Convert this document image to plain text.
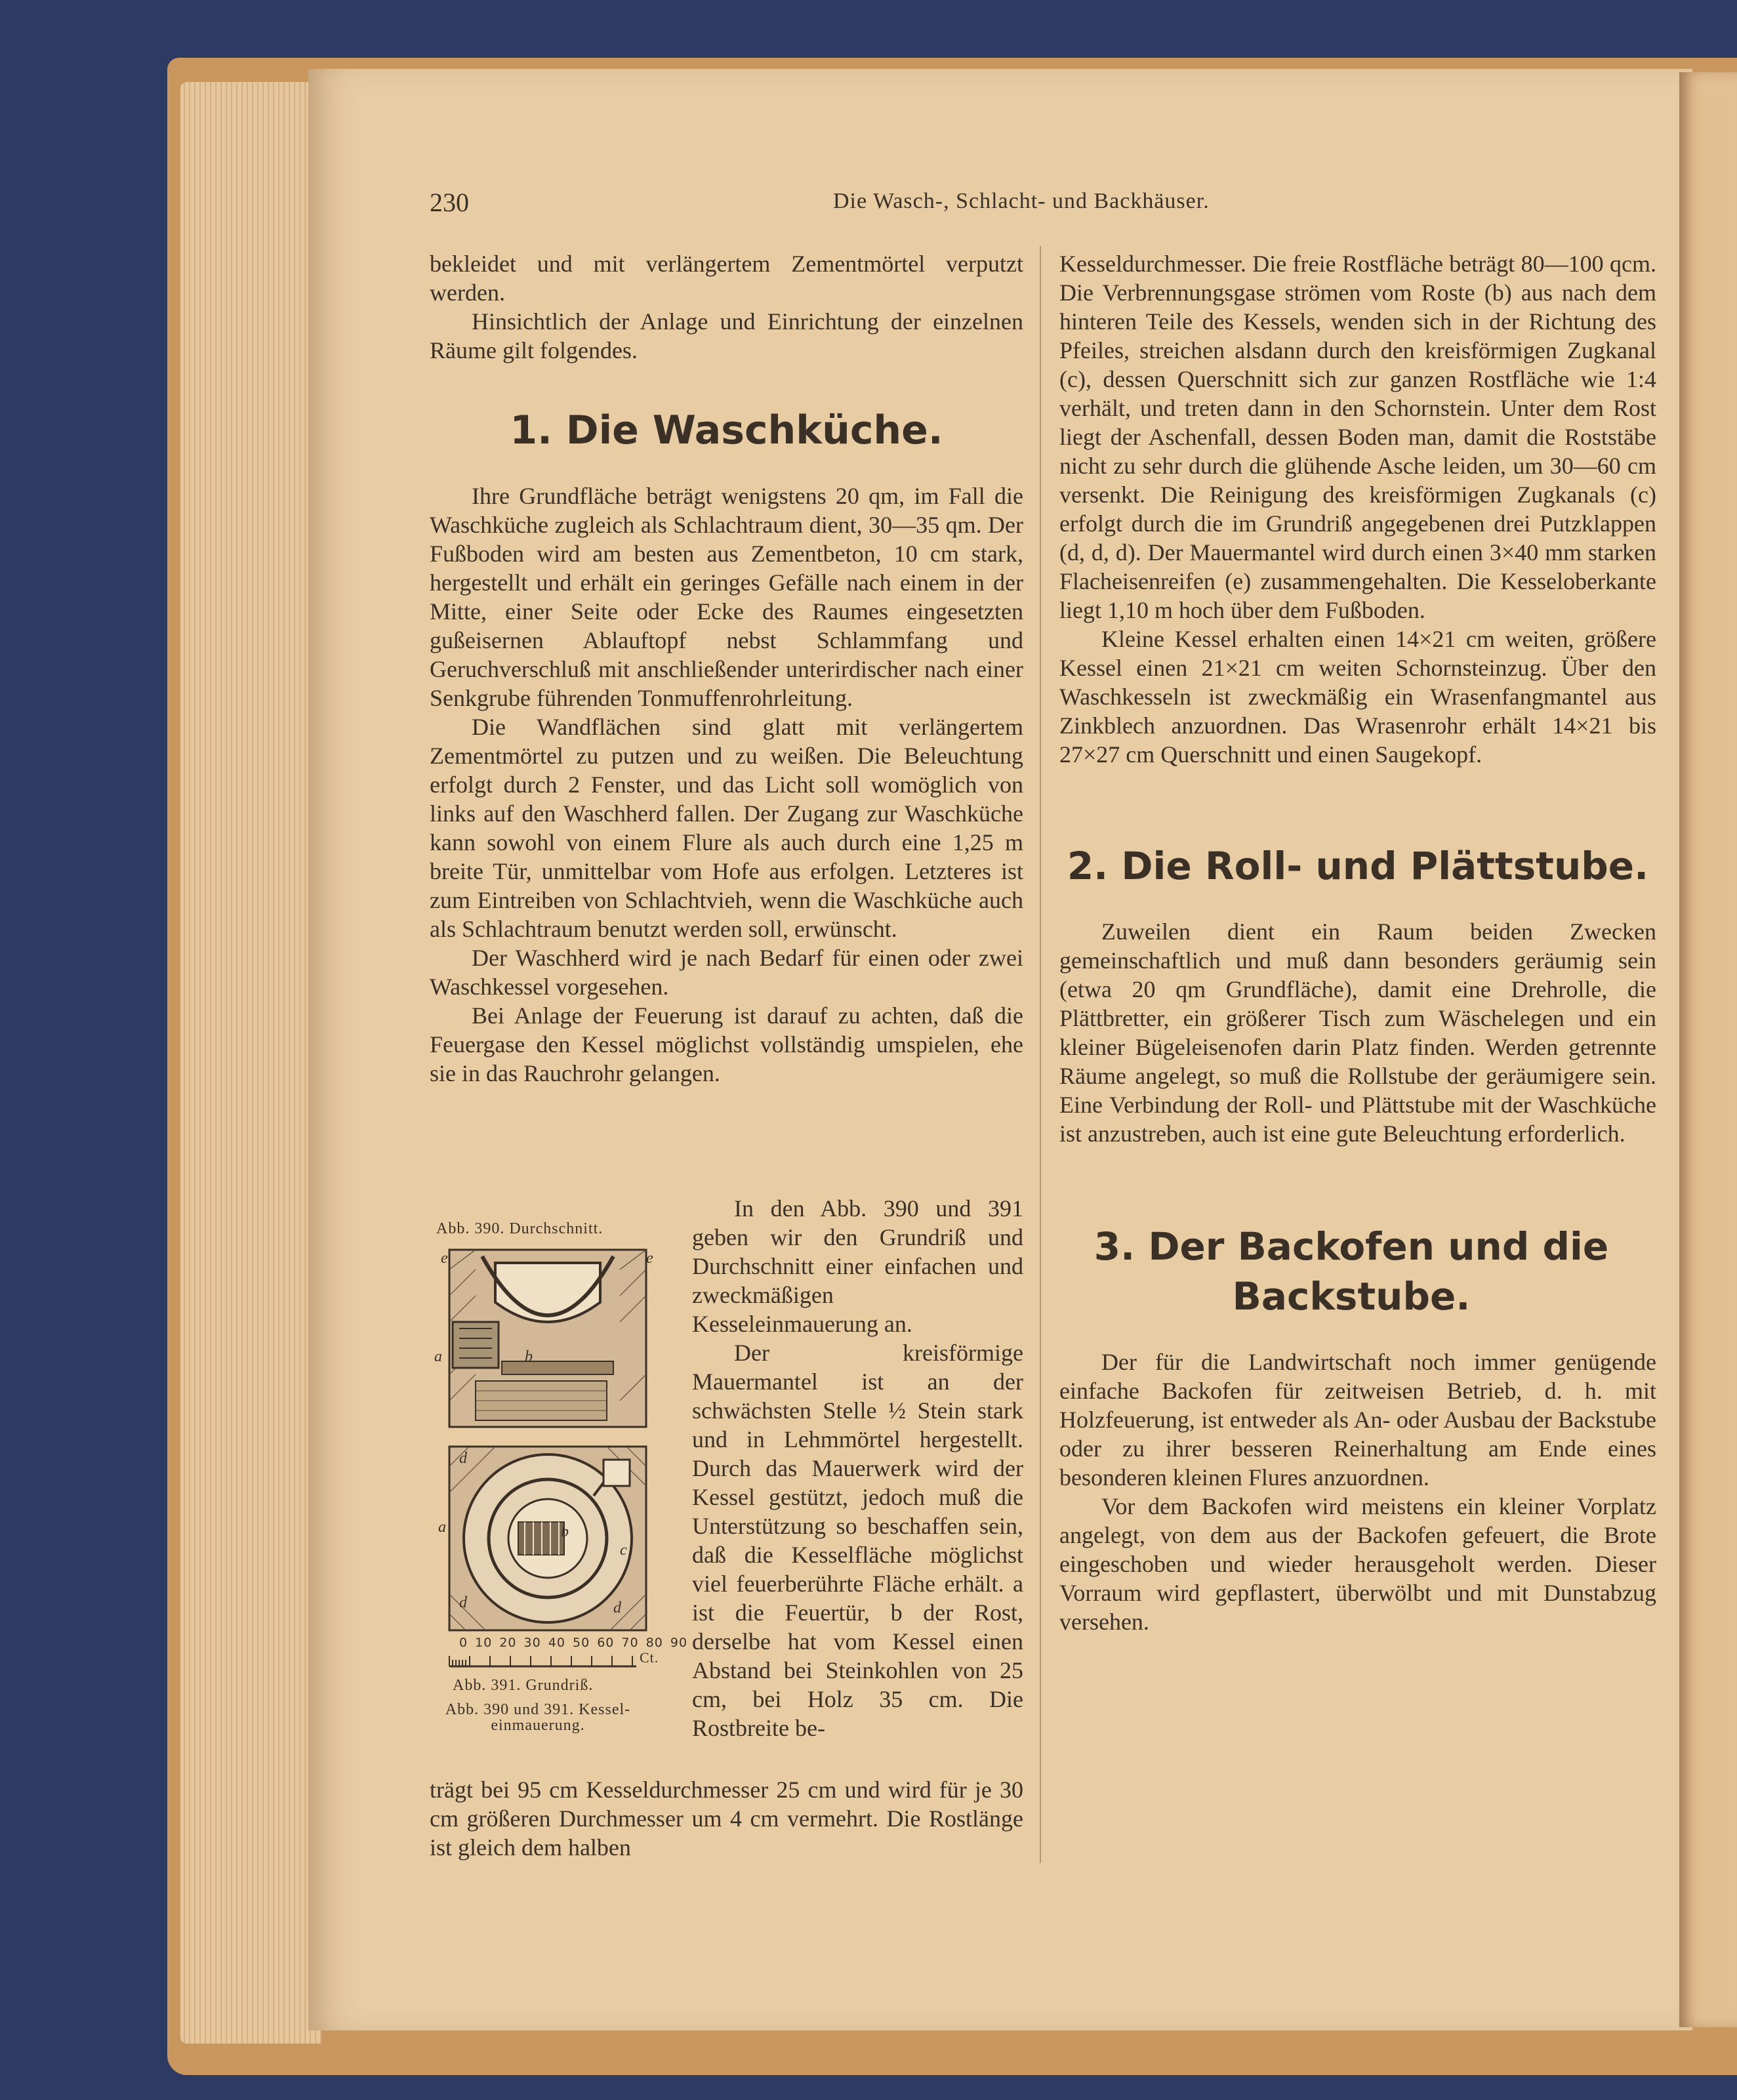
230	Die Wasch-, Schlacht- und Backhäuser.

bekleidet und mit verlängertem Zementmörtel verputzt werden.

Hinsichtlich der Anlage und Einrichtung der einzelnen Räume gilt folgendes.

1. Die Waschküche.

Ihre Grundfläche beträgt wenigstens 20 qm, im Fall die Waschküche zugleich als Schlachtraum dient, 30—35 qm. Der Fußboden wird am besten aus Zementbeton, 10 cm stark, hergestellt und erhält ein geringes Gefälle nach einem in der Mitte, einer Seite oder Ecke des Raumes eingesetzten gußeisernen Ablauftopf nebst Schlammfang und Geruchverschluß mit anschließender unterirdischer nach einer Senkgrube führenden Tonmuffenrohrleitung.

Die Wandflächen sind glatt mit verlängertem Zementmörtel zu putzen und zu weißen. Die Beleuchtung erfolgt durch 2 Fenster, und das Licht soll womöglich von links auf den Waschherd fallen. Der Zugang zur Waschküche kann sowohl von einem Flure als auch durch eine 1,25 m breite Tür, unmittelbar vom Hofe aus erfolgen. Letzteres ist zum Eintreiben von Schlachtvieh, wenn die Waschküche auch als Schlachtraum benutzt werden soll, erwünscht.

Der Waschherd wird je nach Bedarf für einen oder zwei Waschkessel vorgesehen.

Bei Anlage der Feuerung ist darauf zu achten, daß die Feuergase den Kessel möglichst vollständig umspielen, ehe sie in das Rauchrohr gelangen.

In den Abb. 390 und 391 geben wir den Grundriß und Durchschnitt einer einfachen und zweckmäßigen Kesseleinmauerung an.

Der kreisförmige Mauermantel ist an der schwächsten Stelle ½ Stein stark und in Lehmmörtel hergestellt. Durch das Mauerwerk wird der Kessel gestützt, jedoch muß die Unterstützung so beschaffen sein, daß die Kesselfläche möglichst viel feuerberührte Fläche erhält. a ist die Feuertür, b der Rost, derselbe hat vom Kessel einen Abstand bei Steinkohlen von 25 cm, bei Holz 35 cm. Die Rostbreite be-

trägt bei 95 cm Kesseldurchmesser 25 cm und wird für je 30 cm größeren Durchmesser um 4 cm vermehrt. Die Rostlänge ist gleich dem halben

Abb. 390. Durchschnitt.
e	e
a	b
d
a	b
c
d	d
0 10 20 30 40 50 60 70 80 90
Ct.
Abb. 391. Grundriß.
Abb. 390 und 391. Kessel-einmauerung.

Kesseldurchmesser. Die freie Rostfläche beträgt 80—100 qcm. Die Verbrennungsgase strömen vom Roste (b) aus nach dem hinteren Teile des Kessels, wenden sich in der Richtung des Pfeiles, streichen alsdann durch den kreisförmigen Zugkanal (c), dessen Querschnitt sich zur ganzen Rostfläche wie 1:4 verhält, und treten dann in den Schornstein. Unter dem Rost liegt der Aschenfall, dessen Boden man, damit die Roststäbe nicht zu sehr durch die glühende Asche leiden, um 30—60 cm versenkt. Die Reinigung des kreisförmigen Zugkanals (c) erfolgt durch die im Grundriß angegebenen drei Putzklappen (d, d, d). Der Mauermantel wird durch einen 3×40 mm starken Flacheisenreifen (e) zusammengehalten. Die Kesseloberkante liegt 1,10 m hoch über dem Fußboden.

Kleine Kessel erhalten einen 14×21 cm weiten, größere Kessel einen 21×21 cm weiten Schornsteinzug. Über den Waschkesseln ist zweckmäßig ein Wrasenfangmantel aus Zinkblech anzuordnen. Das Wrasenrohr erhält 14×21 bis 27×27 cm Querschnitt und einen Saugekopf.

2. Die Roll- und Plättstube.

Zuweilen dient ein Raum beiden Zwecken gemeinschaftlich und muß dann besonders geräumig sein (etwa 20 qm Grundfläche), damit eine Drehrolle, die Plättbretter, ein größerer Tisch zum Wäschelegen und ein kleiner Bügeleisenofen darin Platz finden. Werden getrennte Räume angelegt, so muß die Rollstube der geräumigere sein. Eine Verbindung der Roll- und Plättstube mit der Waschküche ist anzustreben, auch ist eine gute Beleuchtung erforderlich.

3. Der Backofen und die Backstube.

Der für die Landwirtschaft noch immer genügende einfache Backofen für zeitweisen Betrieb, d. h. mit Holzfeuerung, ist entweder als An- oder Ausbau der Backstube oder zu ihrer besseren Reinerhaltung am Ende eines besonderen kleinen Flures anzuordnen.

Vor dem Backofen wird meistens ein kleiner Vorplatz angelegt, von dem aus der Backofen gefeuert, die Brote eingeschoben und wieder herausgeholt werden. Dieser Vorraum wird gepflastert, überwölbt und mit Dunstabzug versehen.
